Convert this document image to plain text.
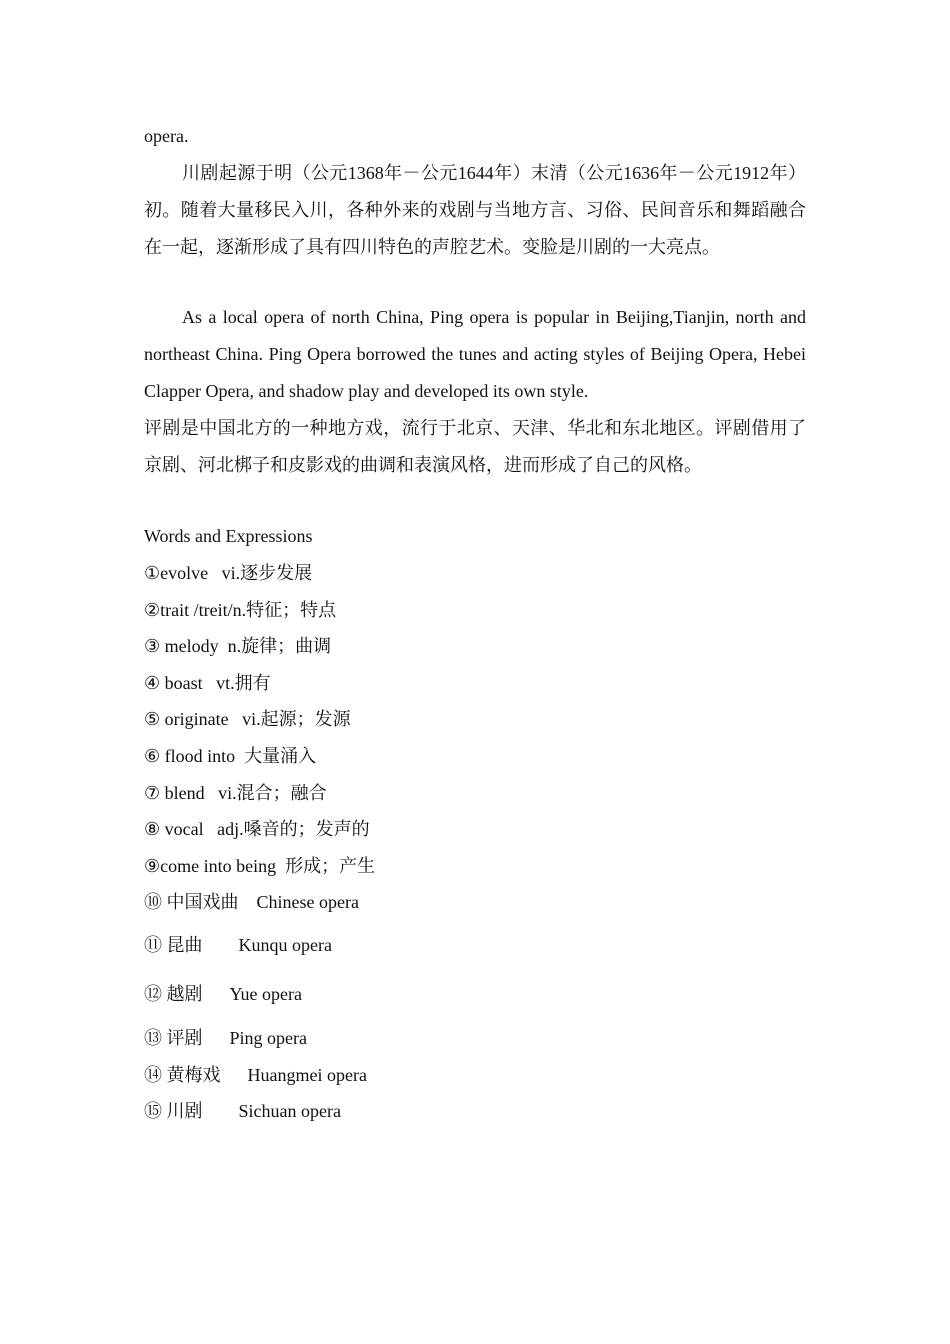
opera.

川剧起源于明（公元1368年－公元1644年）末清（公元1636年－公元1912年）初。随着大量移民入川，各种外来的戏剧与当地方言、习俗、民间音乐和舞蹈融合在一起，逐渐形成了具有四川特色的声腔艺术。变脸是川剧的一大亮点。

As a local opera of north China, Ping opera is popular in Beijing,Tianjin, north and northeast China. Ping Opera borrowed the tunes and acting styles of Beijing Opera, Hebei Clapper Opera, and shadow play and developed its own style.

评剧是中国北方的一种地方戏，流行于北京、天津、华北和东北地区。评剧借用了京剧、河北梆子和皮影戏的曲调和表演风格，进而形成了自己的风格。

Words and Expressions

①evolve   vi.逐步发展
②trait /treit/n.特征；特点
③ melody  n.旋律；曲调
④ boast   vt.拥有
⑤ originate   vi.起源；发源
⑥ flood into  大量涌入
⑦ blend   vi.混合；融合
⑧ vocal   adj.嗓音的；发声的
⑨come into being  形成；产生
⑩ 中国戏曲    Chinese opera
⑪ 昆曲        Kunqu opera
⑫ 越剧      Yue opera
⑬ 评剧      Ping opera
⑭ 黄梅戏      Huangmei opera
⑮ 川剧        Sichuan opera
